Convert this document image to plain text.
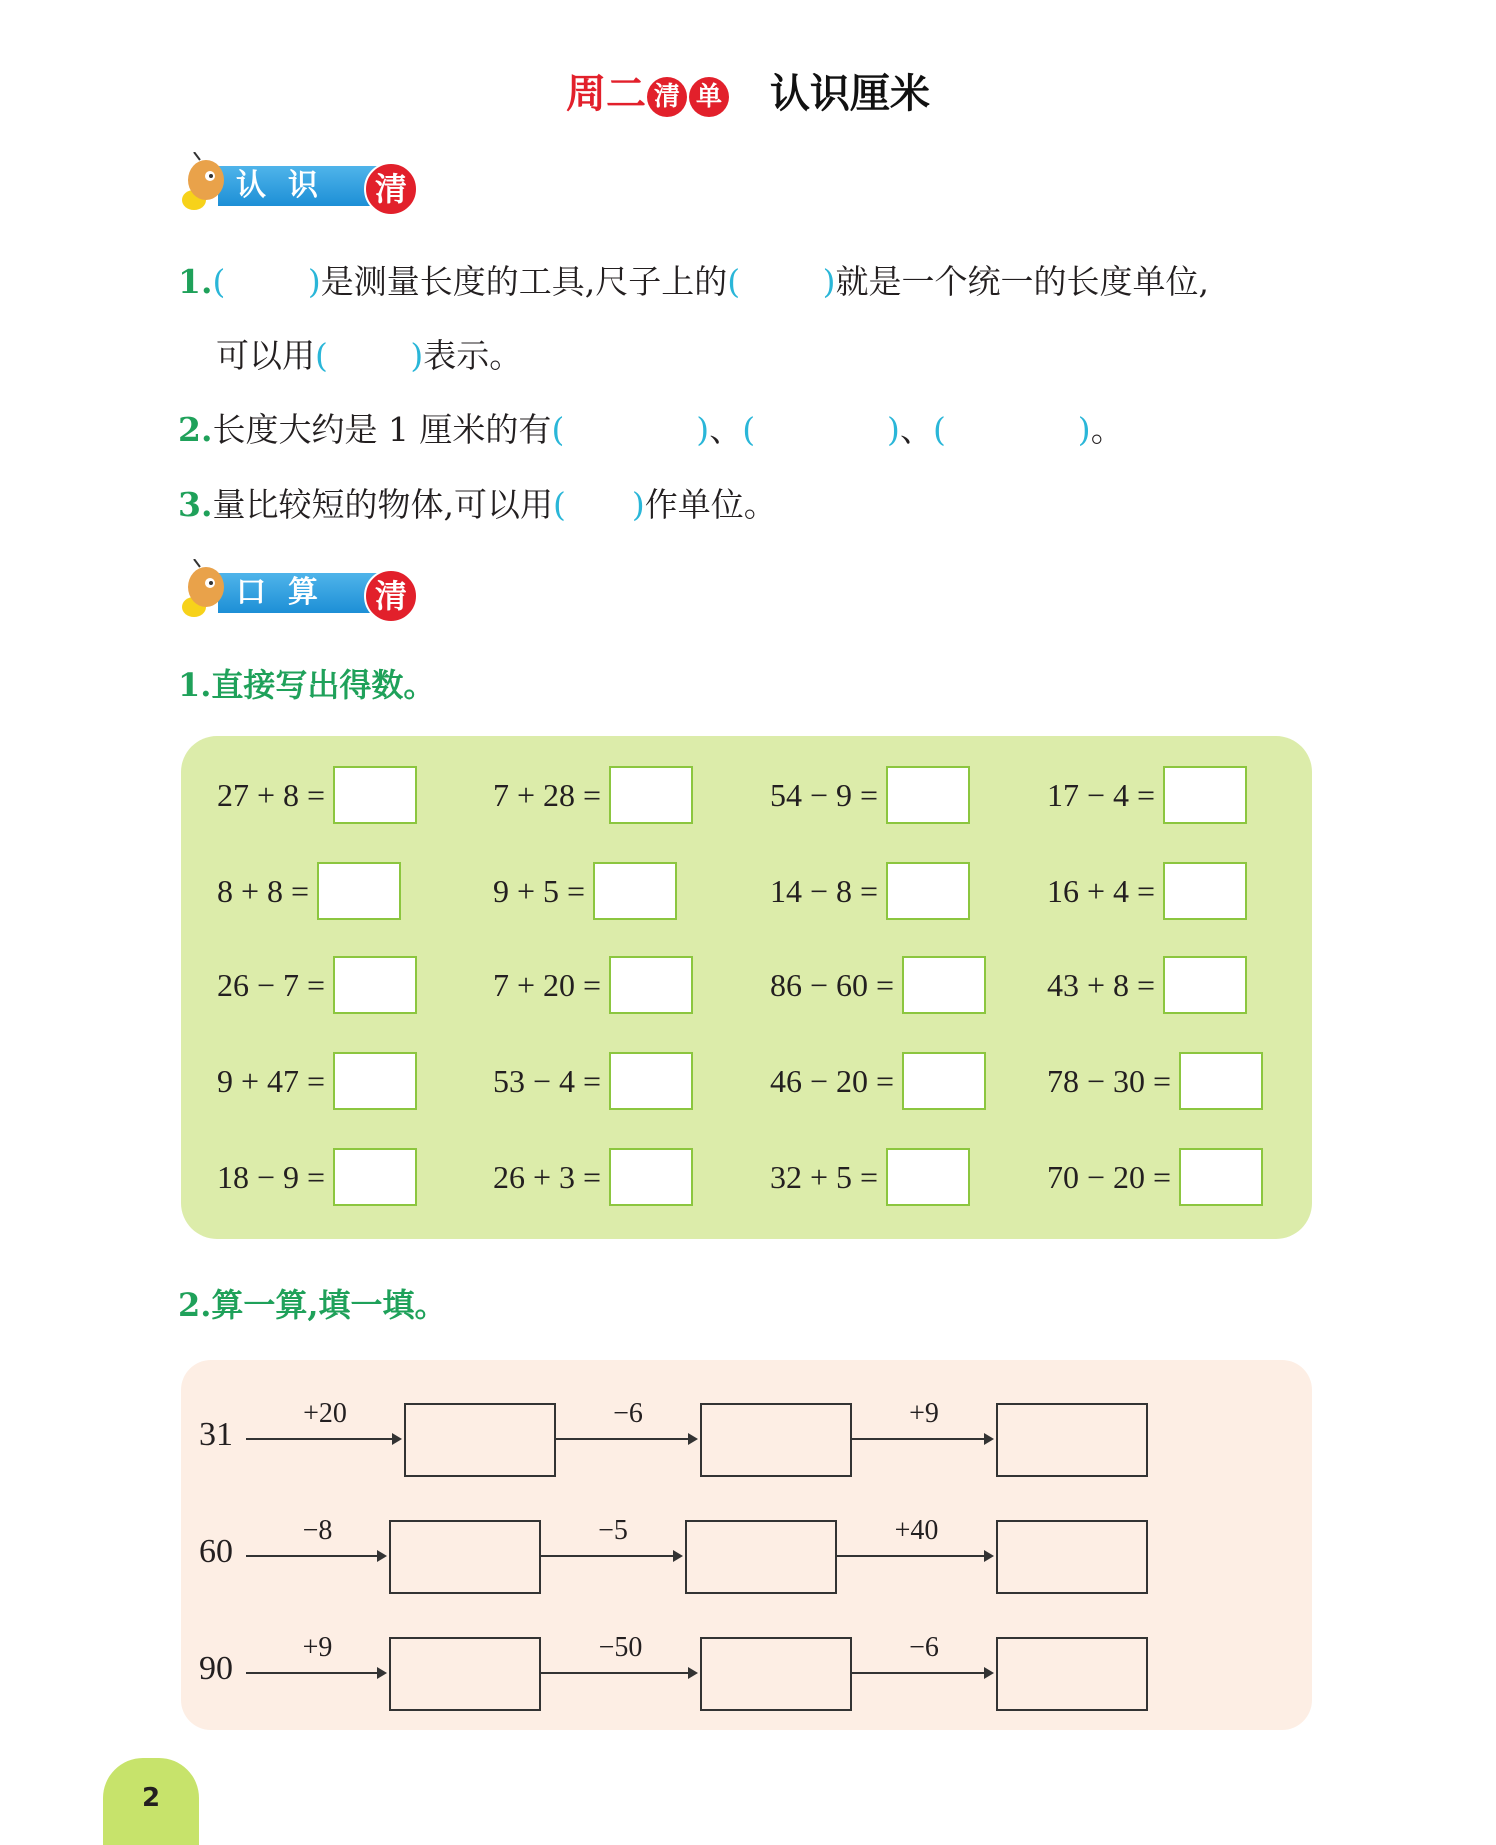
周二 清 单 认识厘米
认识	清
1.(   )是测量长度的工具,尺子上的(   )就是一个统一的长度单位,
可以用(   )表示。
2.长度大约是 1 厘米的有(    )、(    )、(    )。
3.量比较短的物体,可以用(  )作单位。
口算	清
1.直接写出得数。
27 + 8 =	7 + 28 =	54 − 9 =	17 − 4 =
8 + 8 =	9 + 5 =	14 − 8 =	16 + 4 =
26 − 7 =	7 + 20 =	86 − 60 =	43 + 8 =
9 + 47 =	53 − 4 =	46 − 20 =	78 − 30 =
18 − 9 =	26 + 3 =	32 + 5 =	70 − 20 =
2.算一算,填一填。
31
+20	−6	+9
60
−8	−5	+40
90
+9	−50	−6
2
